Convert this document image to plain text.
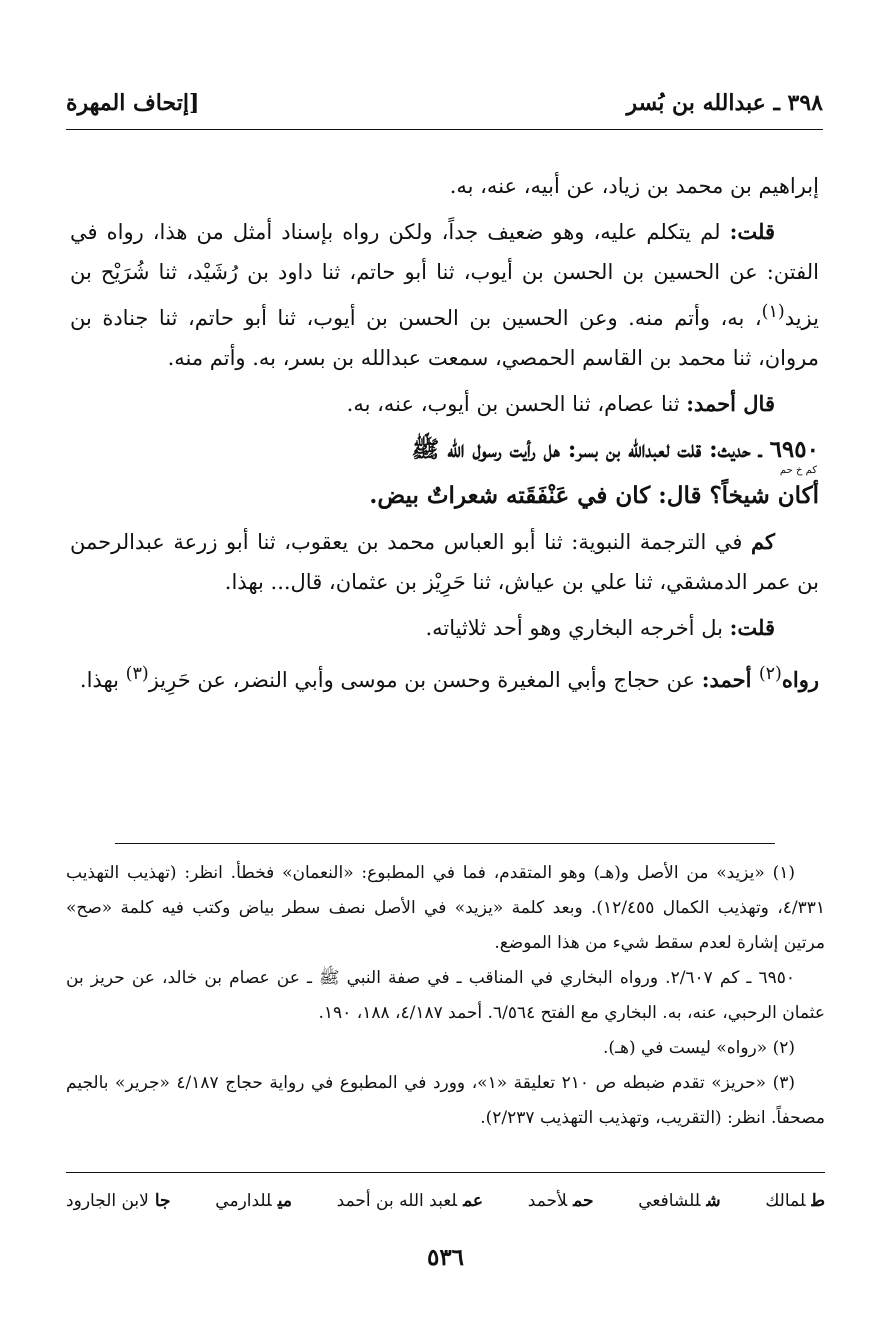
٣٩٨ ـ عبدالله بن بُسر
[إتحاف المهرة

إبراهيم بن محمد بن زياد، عن أبيه، عنه، به.

قلت: لم يتكلم عليه، وهو ضعيف جداً، ولكن رواه بإسناد أمثل من هذا، رواه في الفتن: عن الحسين بن الحسن بن أيوب، ثنا أبو حاتم، ثنا داود بن رُشَيْد، ثنا شُرَيْح بن يزيد$^{(١)}$، به، وأتم منه. وعن الحسين بن الحسن بن أيوب، ثنا أبو حاتم، ثنا جنادة بن مروان، ثنا محمد بن القاسم الحمصي، سمعت عبدالله بن بسر، به. وأتم منه.

قال أحمد: ثنا عصام، ثنا الحسن بن أيوب، عنه، به.

٦٩٥٠ ـ حديث: قلت لعبدالله بن بسر: هل رأيت رسول الله ﷺ
كم خ حم
أكان شيخاً؟ قال: كان في عَنْفَقَته شعراتٌ بيض.

كم في الترجمة النبوية: ثنا أبو العباس محمد بن يعقوب، ثنا أبو زرعة عبدالرحمن بن عمر الدمشقي، ثنا علي بن عياش، ثنا حَرِيْز بن عثمان، قال... بهذا.

قلت: بل أخرجه البخاري وهو أحد ثلاثياته.

رواه$^{(٢)}$ أحمد: عن حجاج وأبي المغيرة وحسن بن موسى وأبي النضر، عن حَرِيز$^{(٣)}$ بهذا.

(١) «يزيد» من الأصل و(هـ) وهو المتقدم، فما في المطبوع: «النعمان» فخطأ. انظر: (تهذيب التهذيب ٤/٣٣١، وتهذيب الكمال ١٢/٤٥٥). وبعد كلمة «يزيد» في الأصل نصف سطر بياض وكتب فيه كلمة «صح» مرتين إشارة لعدم سقط شيء من هذا الموضع.

٦٩٥٠ ـ كم ٢/٦٠٧. ورواه البخاري في المناقب ـ في صفة النبي ﷺ ـ عن عصام بن خالد، عن حريز بن عثمان الرحبي، عنه، به. البخاري مع الفتح ٦/٥٦٤. أحمد ٤/١٨٧، ١٨٨، ١٩٠.

(٢) «رواه» ليست في (هـ).

(٣) «حريز» تقدم ضبطه ص ٢١٠ تعليقة «١»، وورد في المطبوع في رواية حجاج ٤/١٨٧ «جرير» بالجيم مصحفاً. انظر: (التقريب، وتهذيب التهذيب ٢/٢٣٧).

طلمالك
شللشافعي
حملأحمد
عملعبد الله بن أحمد
ميللدارمي
جالابن الجارود
٥٣٦
